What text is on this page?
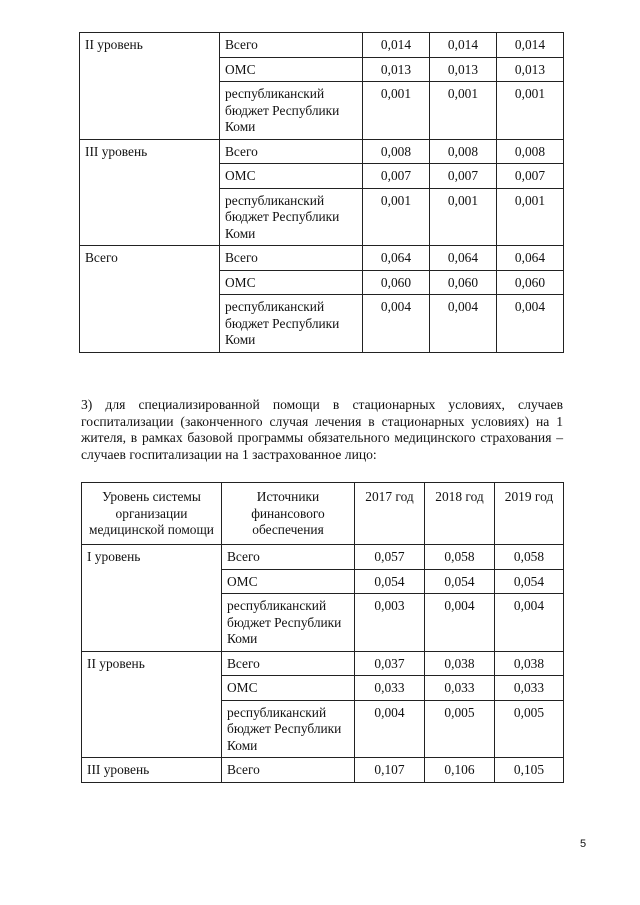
II уровень	Всего	0,014	0,014	0,014
	ОМС	0,013	0,013	0,013
	республиканский бюджет Республики Коми	0,001	0,001	0,001
III уровень	Всего	0,008	0,008	0,008
	ОМС	0,007	0,007	0,007
	республиканский бюджет Республики Коми	0,001	0,001	0,001
Всего	Всего	0,064	0,064	0,064
	ОМС	0,060	0,060	0,060
	республиканский бюджет Республики Коми	0,004	0,004	0,004

3) для специализированной помощи в стационарных условиях, случаев госпитализации (законченного случая лечения в стационарных условиях) на 1 жителя, в рамках базовой программы обязательного медицинского страхования – случаев госпитализации на 1 застрахованное лицо:

Уровень системы организации медицинской помощи	Источники финансового обеспечения	2017 год	2018 год	2019 год
I уровень	Всего	0,057	0,058	0,058
	ОМС	0,054	0,054	0,054
	республиканский бюджет Республики Коми	0,003	0,004	0,004
II уровень	Всего	0,037	0,038	0,038
	ОМС	0,033	0,033	0,033
	республиканский бюджет Республики Коми	0,004	0,005	0,005
III уровень	Всего	0,107	0,106	0,105
5
